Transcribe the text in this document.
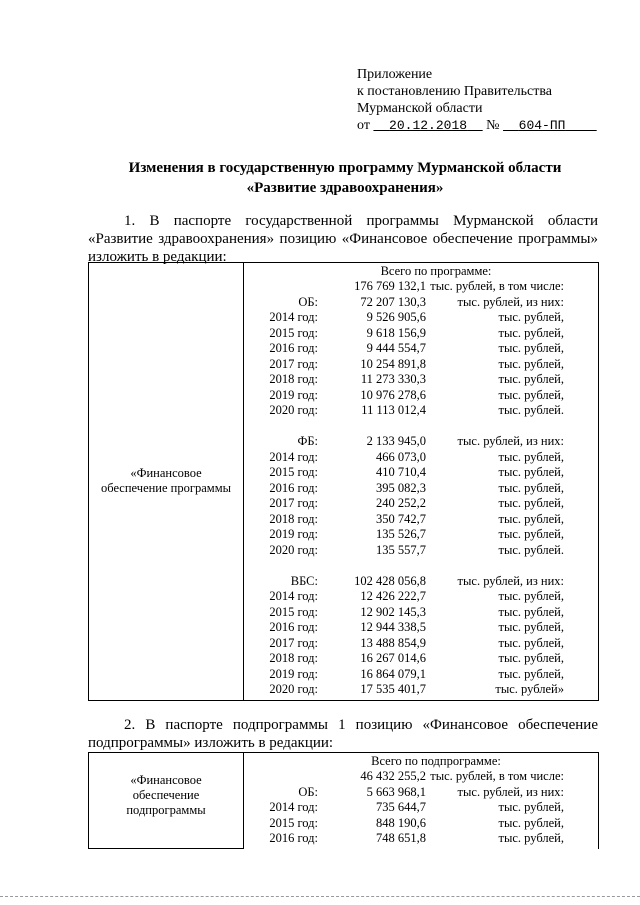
Приложение
к постановлению Правительства
Мурманской области
от 20.12.2018 № 604-ПП
Изменения в государственную программу Мурманской области
«Развитие здравоохранения»
1. В паспорте государственной программы Мурманской области «Развитие здравоохранения» позицию «Финансовое обеспечение программы» изложить в редакции:
«Финансовое обеспечение программы

Всего по программе:
176 769 132,1 тыс. рублей, в том числе:
ОБ:	72 207 130,3	тыс. рублей, из них:
2014 год:	9 526 905,6	тыс. рублей,
2015 год:	9 618 156,9	тыс. рублей,
2016 год:	9 444 554,7	тыс. рублей,
2017 год:	10 254 891,8	тыс. рублей,
2018 год:	11 273 330,3	тыс. рублей,
2019 год:	10 976 278,6	тыс. рублей,
2020 год:	11 113 012,4	тыс. рублей.
ФБ:	2 133 945,0	тыс. рублей, из них:
2014 год:	466 073,0	тыс. рублей,
2015 год:	410 710,4	тыс. рублей,
2016 год:	395 082,3	тыс. рублей,
2017 год:	240 252,2	тыс. рублей,
2018 год:	350 742,7	тыс. рублей,
2019 год:	135 526,7	тыс. рублей,
2020 год:	135 557,7	тыс. рублей.
ВБС:	102 428 056,8	тыс. рублей, из них:
2014 год:	12 426 222,7	тыс. рублей,
2015 год:	12 902 145,3	тыс. рублей,
2016 год:	12 944 338,5	тыс. рублей,
2017 год:	13 488 854,9	тыс. рублей,
2018 год:	16 267 014,6	тыс. рублей,
2019 год:	16 864 079,1	тыс. рублей,
2020 год:	17 535 401,7	тыс. рублей»
2. В паспорте подпрограммы 1 позицию «Финансовое обеспечение подпрограммы» изложить в редакции:
«Финансовое обеспечение подпрограммы

Всего по подпрограмме:
46 432 255,2 тыс. рублей, в том числе:
ОБ:	5 663 968,1	тыс. рублей, из них:
2014 год:	735 644,7	тыс. рублей,
2015 год:	848 190,6	тыс. рублей,
2016 год:	748 651,8	тыс. рублей,
